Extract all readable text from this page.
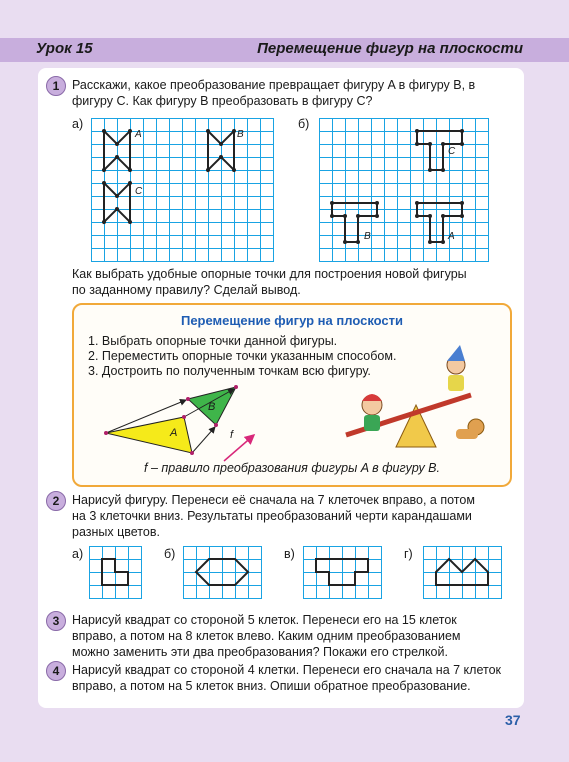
Урок 15	Перемещение фигур на плоскости
1	Расскажи, какое преобразование превращает фигуру A в фигуру B, в
фигуру C. Как фигуру B преобразовать в фигуру C?
а)
A	B
C
б)
C
B	A
Как выбрать удобные опорные точки для построения новой фигуры
по заданному правилу? Сделай вывод.
Перемещение фигур на плоскости
1. Выбрать опорные точки данной фигуры.
2. Переместить опорные точки указанным способом.
3. Достроить по полученным точкам всю фигуру.
A
B
f
f – правило преобразования фигуры A в фигуру B.
2	Нарисуй фигуру. Перенеси её сначала на 7 клеточек вправо, а потом
на 3 клеточки вниз. Результаты преобразований черти карандашами
разных цветов.
а)	б)	в)	г)
3	Нарисуй квадрат со стороной 5 клеток. Перенеси его на 15 клеток
вправо, а потом на 8 клеток влево. Каким одним преобразованием
можно заменить эти два преобразования? Покажи его стрелкой.
4	Нарисуй квадрат со стороной 4 клетки. Перенеси его сначала на 7 клеток
вправо, а потом на 5 клеток вниз. Опиши обратное преобразование.
37
